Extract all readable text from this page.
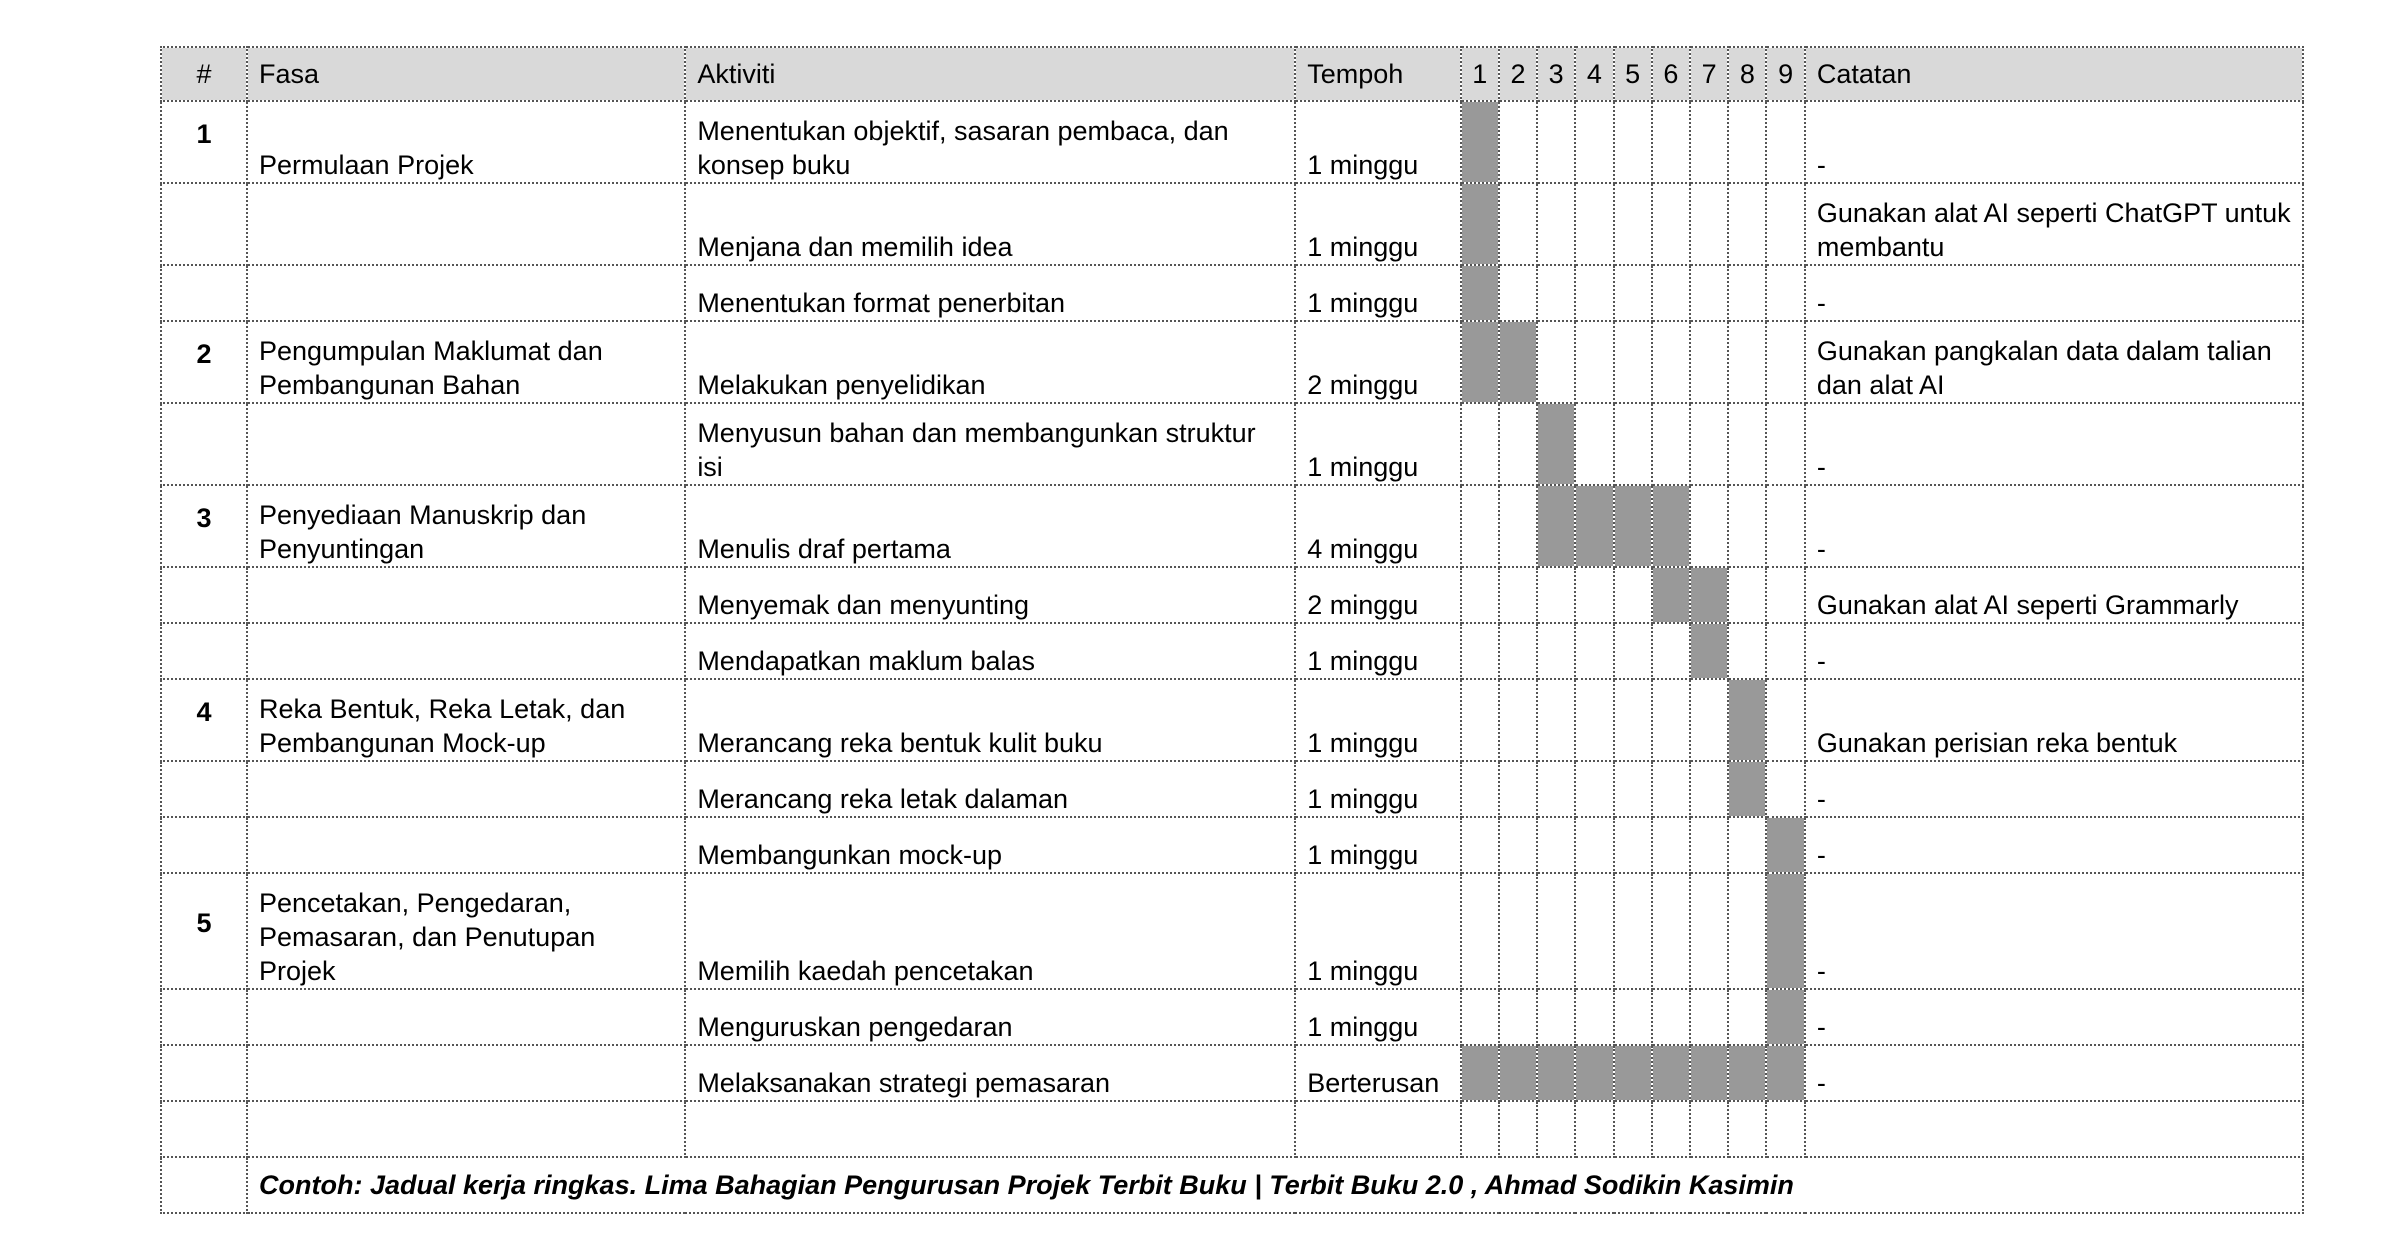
#	Fasa	Aktiviti	Tempoh	1	2	3	4	5	6	7	8	9	Catatan
1	Permulaan Projek	Menentukan objektif, sasaran pembaca, dan konsep buku	1 minggu										-
		Menjana dan memilih idea	1 minggu										Gunakan alat AI seperti ChatGPT untuk membantu
		Menentukan format penerbitan	1 minggu										-
2	Pengumpulan Maklumat dan Pembangunan Bahan	Melakukan penyelidikan	2 minggu										Gunakan pangkalan data dalam talian dan alat AI
		Menyusun bahan dan membangunkan struktur isi	1 minggu										-
3	Penyediaan Manuskrip dan Penyuntingan	Menulis draf pertama	4 minggu										-
		Menyemak dan menyunting	2 minggu										Gunakan alat AI seperti Grammarly
		Mendapatkan maklum balas	1 minggu										-
4	Reka Bentuk, Reka Letak, dan Pembangunan Mock-up	Merancang reka bentuk kulit buku	1 minggu										Gunakan perisian reka bentuk
		Merancang reka letak dalaman	1 minggu										-
		Membangunkan mock-up	1 minggu										-
5	Pencetakan, Pengedaran, Pemasaran, dan Penutupan Projek	Memilih kaedah pencetakan	1 minggu										-
		Menguruskan pengedaran	1 minggu										-
		Melaksanakan strategi pemasaran	Berterusan										-

	Contoh: Jadual kerja ringkas. Lima Bahagian Pengurusan Projek Terbit Buku | Terbit Buku 2.0 , Ahmad Sodikin Kasimin												
